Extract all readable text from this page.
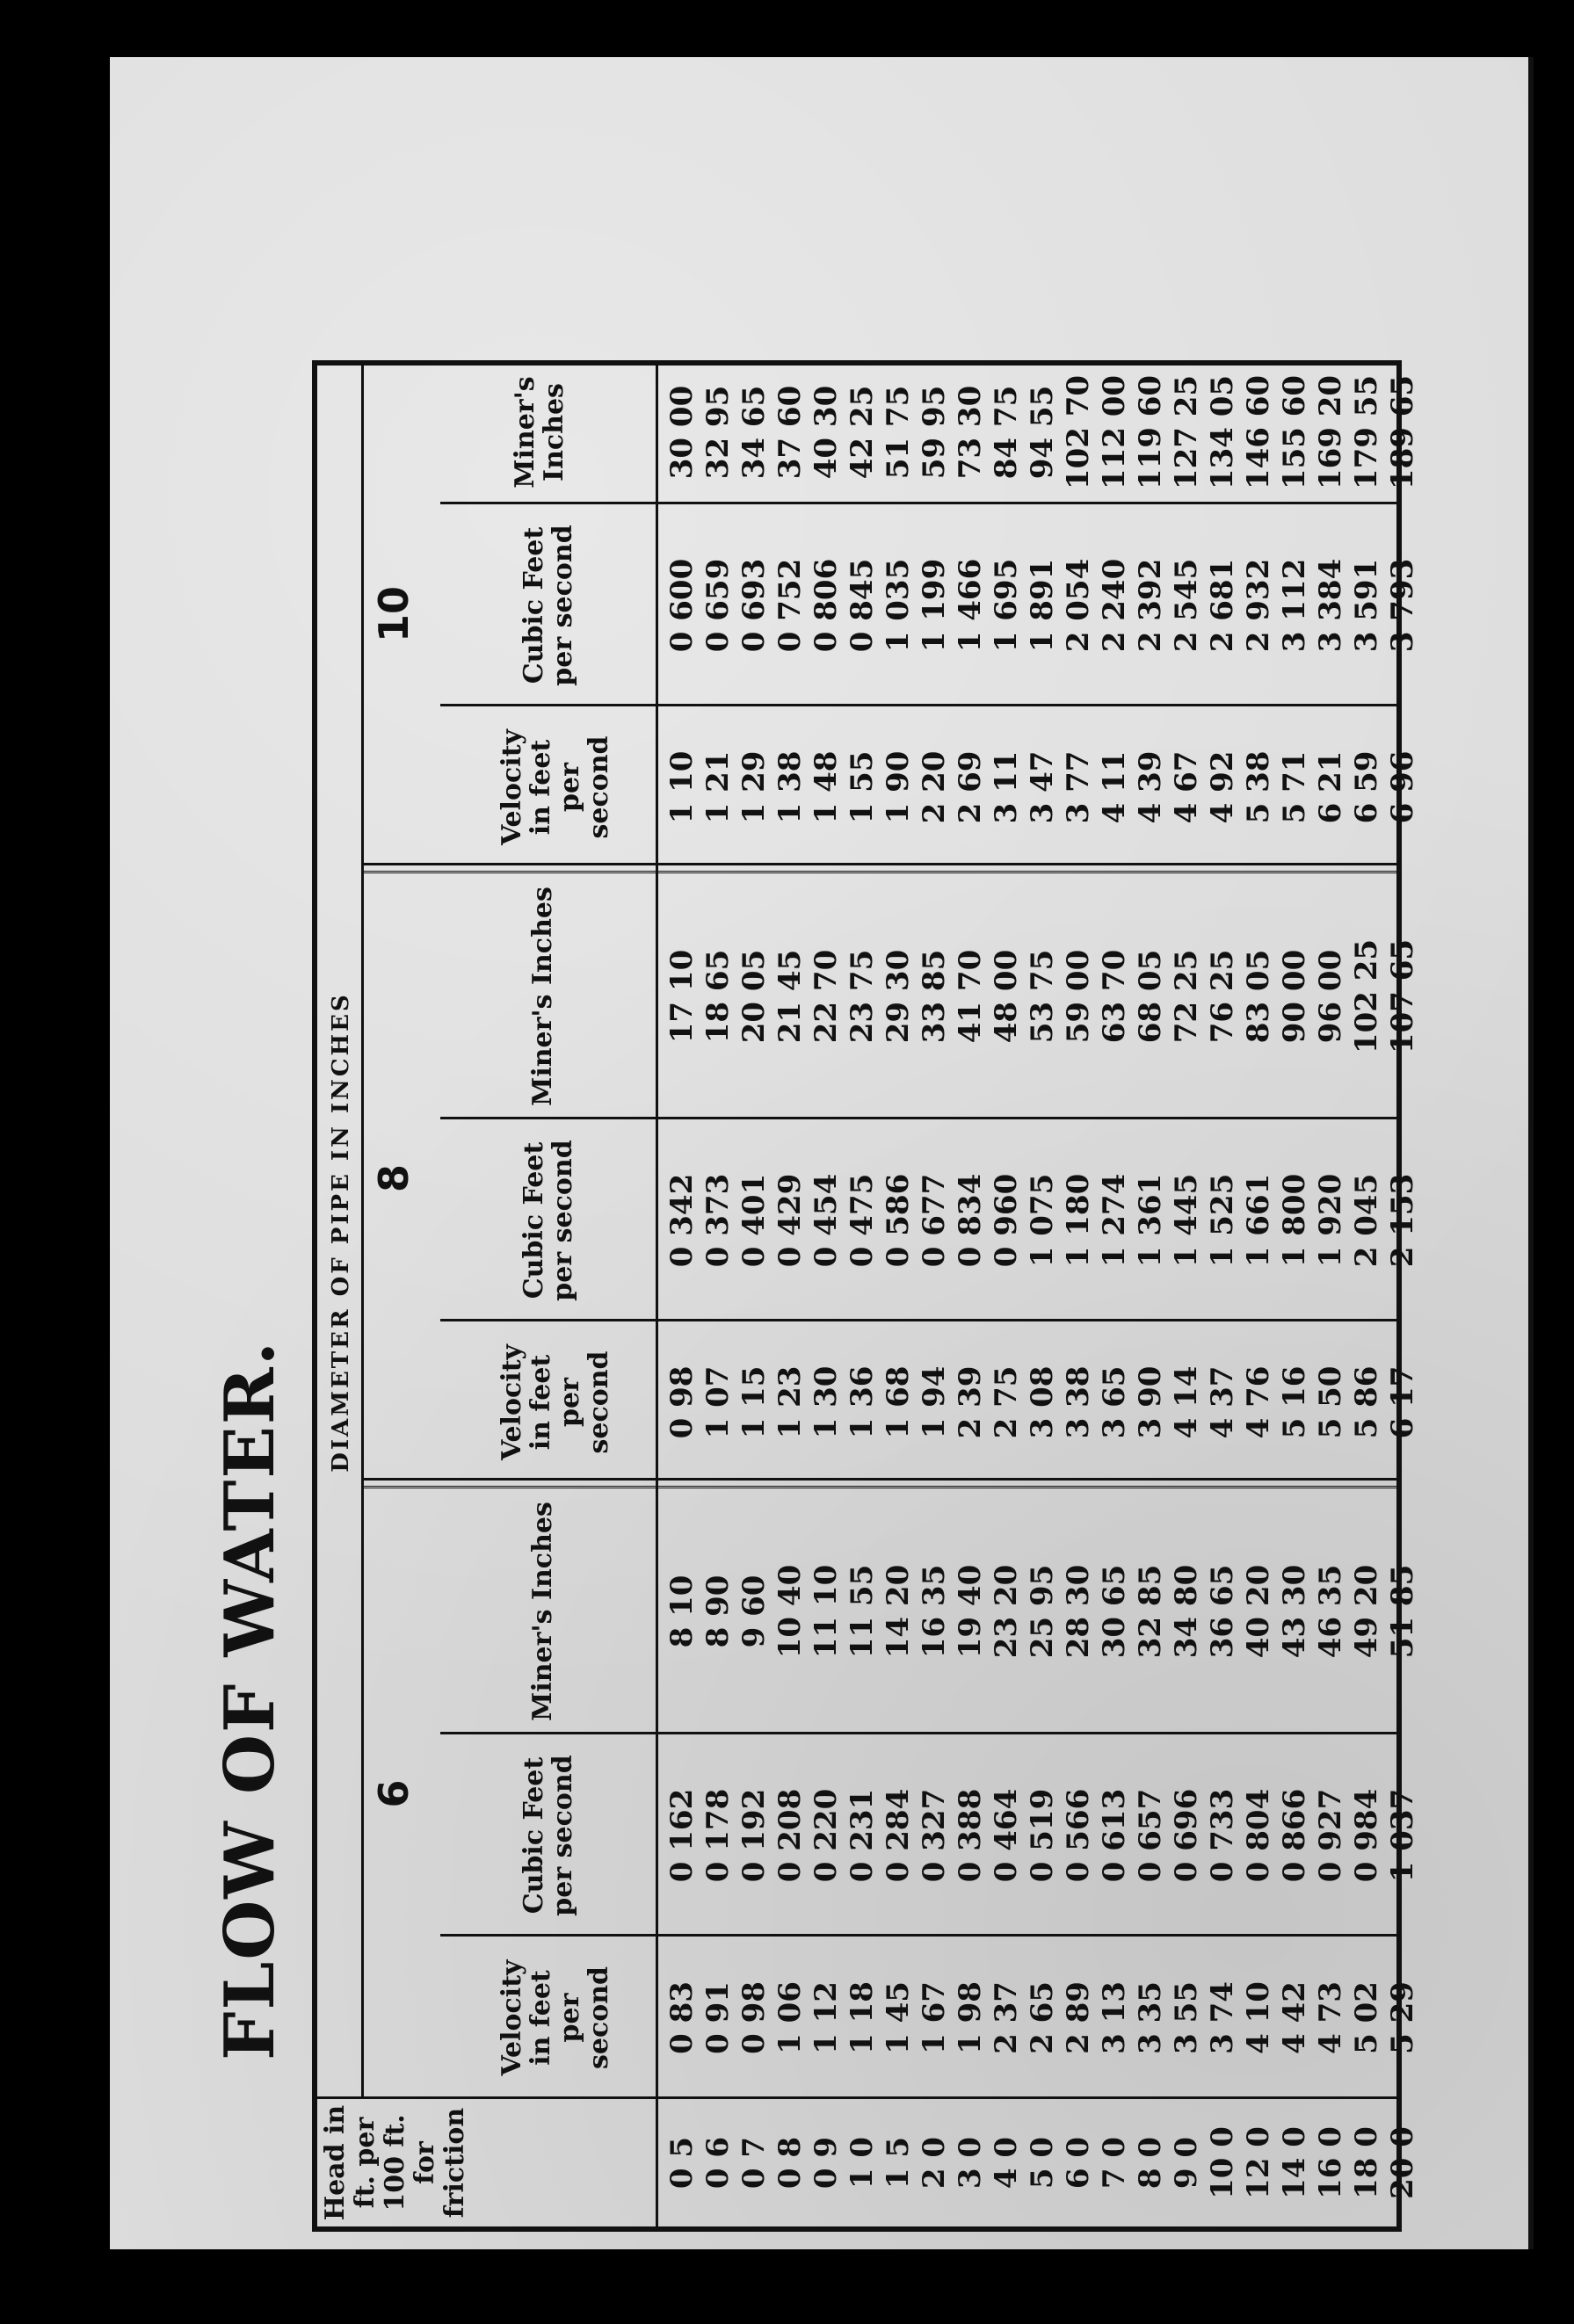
FLOW OF WATER.
Head in ft. per 100 ft. for friction
DIAMETER OF PIPE IN INCHES
6
8
10
Velocity
in feet
per
second
Cubic Feet
per second
Miner's Inches
Velocity
in feet
per
second
Cubic Feet
per second
Miner's Inches
Velocity
in feet
per
second
Cubic Feet
per second
Miner's Inches
0 5 0 6 0 7 0 8 0 9 1 0 1 5 2 0 3 0 4 0 5 0 6 0 7 0 8 0 9 0 10 0 12 0 14 0 16 0 18 0 20 0
0 83 0 91 0 98 1 06 1 12 1 18 1 45 1 67 1 98 2 37 2 65 2 89 3 13 3 35 3 55 3 74 4 10 4 42 4 73 5 02 5 29
0 162 0 178 0 192 0 208 0 220 0 231 0 284 0 327 0 388 0 464 0 519 0 566 0 613 0 657 0 696 0 733 0 804 0 866 0 927 0 984 1 037
8 10 8 90 9 60 10 40 11 10 11 55 14 20 16 35 19 40 23 20 25 95 28 30 30 65 32 85 34 80 36 65 40 20 43 30 46 35 49 20 51 85
0 98 1 07 1 15 1 23 1 30 1 36 1 68 1 94 2 39 2 75 3 08 3 38 3 65 3 90 4 14 4 37 4 76 5 16 5 50 5 86 6 17
0 342 0 373 0 401 0 429 0 454 0 475 0 586 0 677 0 834 0 960 1 075 1 180 1 274 1 361 1 445 1 525 1 661 1 800 1 920 2 045 2 153
17 10 18 65 20 05 21 45 22 70 23 75 29 30 33 85 41 70 48 00 53 75 59 00 63 70 68 05 72 25 76 25 83 05 90 00 96 00 102 25 107 65
1 10 1 21 1 29 1 38 1 48 1 55 1 90 2 20 2 69 3 11 3 47 3 77 4 11 4 39 4 67 4 92 5 38 5 71 6 21 6 59 6 96
0 600 0 659 0 693 0 752 0 806 0 845 1 035 1 199 1 466 1 695 1 891 2 054 2 240 2 392 2 545 2 681 2 932 3 112 3 384 3 591 3 793
30 00 32 95 34 65 37 60 40 30 42 25 51 75 59 95 73 30 84 75 94 55 102 70 112 00 119 60 127 25 134 05 146 60 155 60 169 20 179 55 189 65
